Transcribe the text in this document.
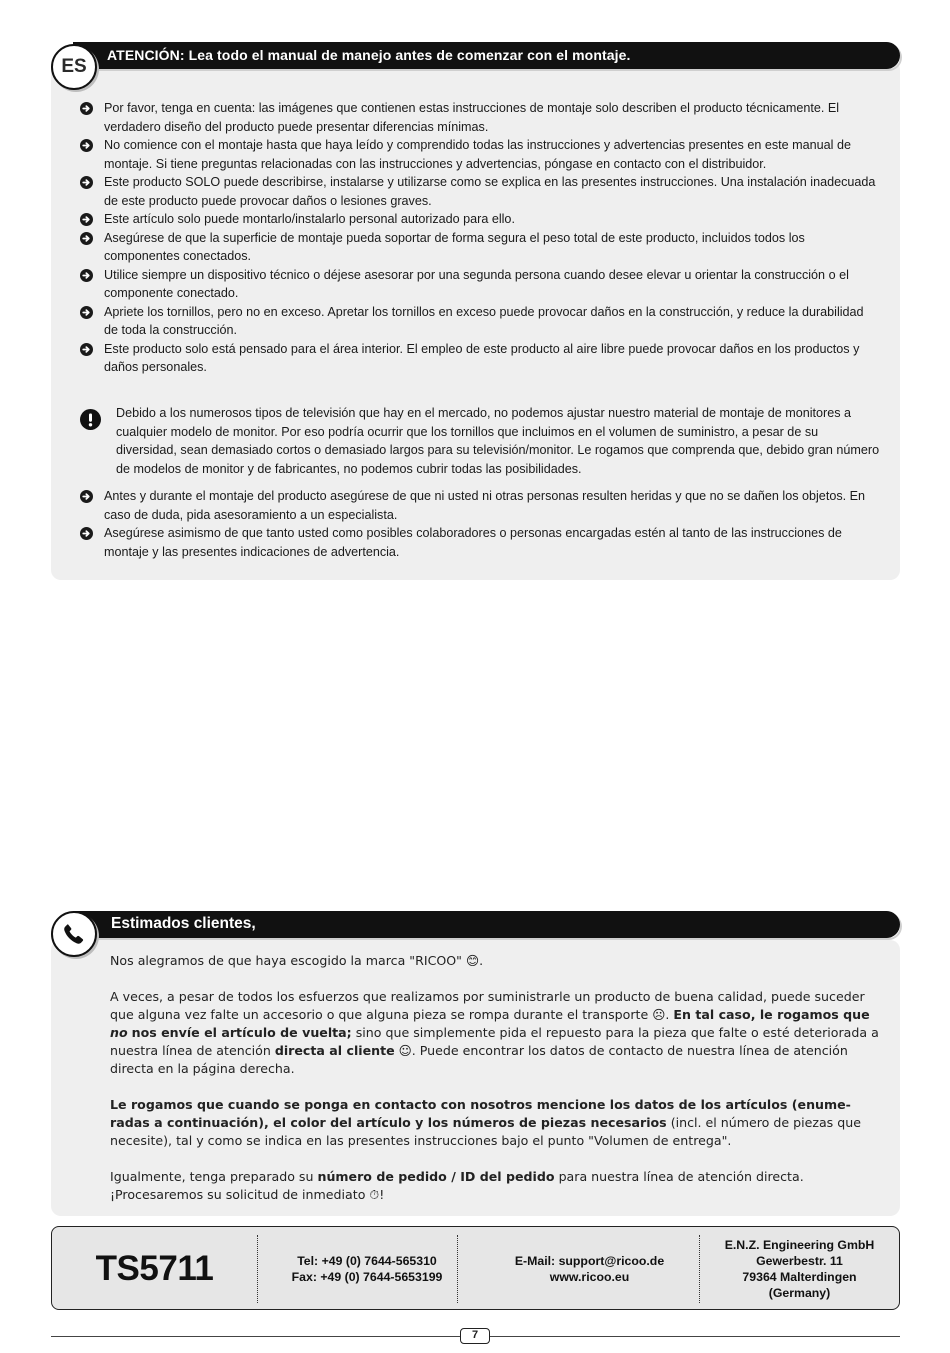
ATENCIÓN: Lea todo el manual de manejo antes de comenzar con el montaje.
ES
Por favor, tenga en cuenta: las imágenes que contienen estas instrucciones de montaje solo describen el producto técnicamente. El verdadero diseño del producto puede presentar diferencias mínimas.
No comience con el montaje hasta que haya leído y comprendido todas las instrucciones y advertencias presentes en este manual de montaje. Si tiene preguntas relacionadas con las instrucciones y advertencias, póngase en contacto con el distribuidor.
Este producto SOLO puede describirse, instalarse y utilizarse como se explica en las presentes instrucciones. Una instalación inadecuada de este producto puede provocar daños o lesiones graves.
Este artículo solo puede montarlo/instalarlo personal autorizado para ello.
Asegúrese de que la superficie de montaje pueda soportar de forma segura el peso total de este producto, incluidos todos los componentes conectados.
Utilice siempre un dispositivo técnico o déjese asesorar por una segunda persona cuando desee elevar u orientar la construcción o el componente conectado.
Apriete los tornillos, pero no en exceso. Apretar los tornillos en exceso puede provocar daños en la construcción, y reduce la durabilidad de toda la construcción.
Este producto solo está pensado para el área interior. El empleo de este producto al aire libre puede provocar daños en los productos y daños personales.
Debido a los numerosos tipos de televisión que hay en el mercado, no podemos ajustar nuestro material de montaje de monitores a cualquier modelo de monitor. Por eso podría ocurrir que los tornillos que incluimos en el volumen de suministro, a pesar de su diversidad, sean demasiado cortos o demasiado largos para su televisión/monitor. Le rogamos que comprenda que, debido gran número de modelos de monitor y de fabricantes, no podemos cubrir todas las posibilidades.
Antes y durante el montaje del producto asegúrese de que ni usted ni otras personas resulten heridas y que no se dañen los objetos. En caso de duda, pida asesoramiento a un especialista.
Asegúrese asimismo de que tanto usted como posibles colaboradores o personas encargadas estén al tanto de las instrucciones de montaje y las presentes indicaciones de advertencia.
Estimados clientes,

Nos alegramos de que haya escogido la marca "RICOO" 😊.

A veces, a pesar de todos los esfuerzos que realizamos por suministrarle un producto de buena calidad, puede suceder que alguna vez falte un accesorio o que alguna pieza se rompa durante el transporte ☹. En tal caso, le rogamos que no nos envíe el artículo de vuelta; sino que simplemente pida el repuesto para la pieza que falte o esté deteriorada a nuestra línea de atención directa al cliente ☺. Puede encontrar los datos de contacto de nuestra línea de atención directa en la página derecha.

Le rogamos que cuando se ponga en contacto con nosotros mencione los datos de los artículos (enume-radas a continuación), el color del artículo y los números de piezas necesarios (incl. el número de piezas que necesite), tal y como se indica en las presentes instrucciones bajo el punto "Volumen de entrega".

Igualmente, tenga preparado su número de pedido / ID del pedido para nuestra línea de atención directa. ¡Procesaremos su solicitud de inmediato ⏱!

TS5711	Tel: +49 (0) 7644-565310
Fax: +49 (0) 7644-5653199
E-Mail: support@ricoo.de
www.ricoo.eu
E.N.Z. Engineering GmbH
Gewerbestr. 11
79364 Malterdingen
(Germany)
7
